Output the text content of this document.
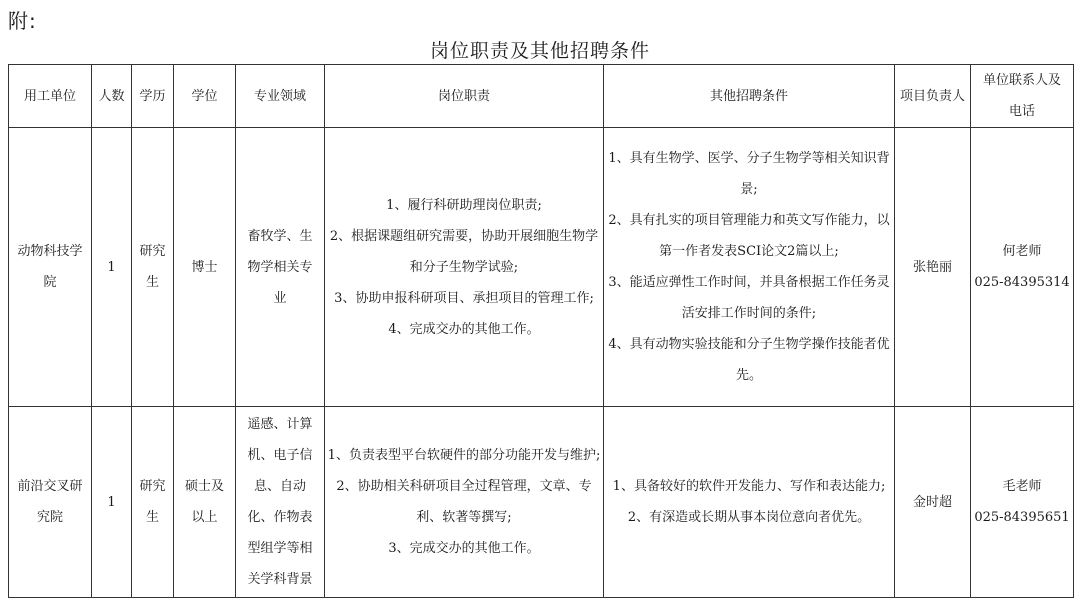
附:
岗位职责及其他招聘条件
用工单位	人数	学历	学位	专业领域	岗位职责	其他招聘条件	项目负责人	单位联系人及电话
动物科技学院	1	研究生	博士	畜牧学、生物学相关专业	1、履行科研助理岗位职责;
2、根据课题组研究需要，协助开展细胞生物学和分子生物学试验;
3、协助申报科研项目、承担项目的管理工作;
4、完成交办的其他工作。	1、具有生物学、医学、分子生物学等相关知识背景;
2、具有扎实的项目管理能力和英文写作能力，以第一作者发表SCI论文2篇以上;
3、能适应弹性工作时间，并具备根据工作任务灵活安排工作时间的条件;
4、具有动物实验技能和分子生物学操作技能者优先。	张艳丽	何老师
025-84395314

前沿交叉研究院	1	研究生	硕士及以上	遥感、计算机、电子信息、自动化、作物表型组学等相关学科背景	1、负责表型平台软硬件的部分功能开发与维护;
2、协助相关科研项目全过程管理，文章、专利、软著等撰写;
3、完成交办的其他工作。	1、具备较好的软件开发能力、写作和表达能力;
2、有深造或长期从事本岗位意向者优先。	金时超	毛老师
025-84395651
